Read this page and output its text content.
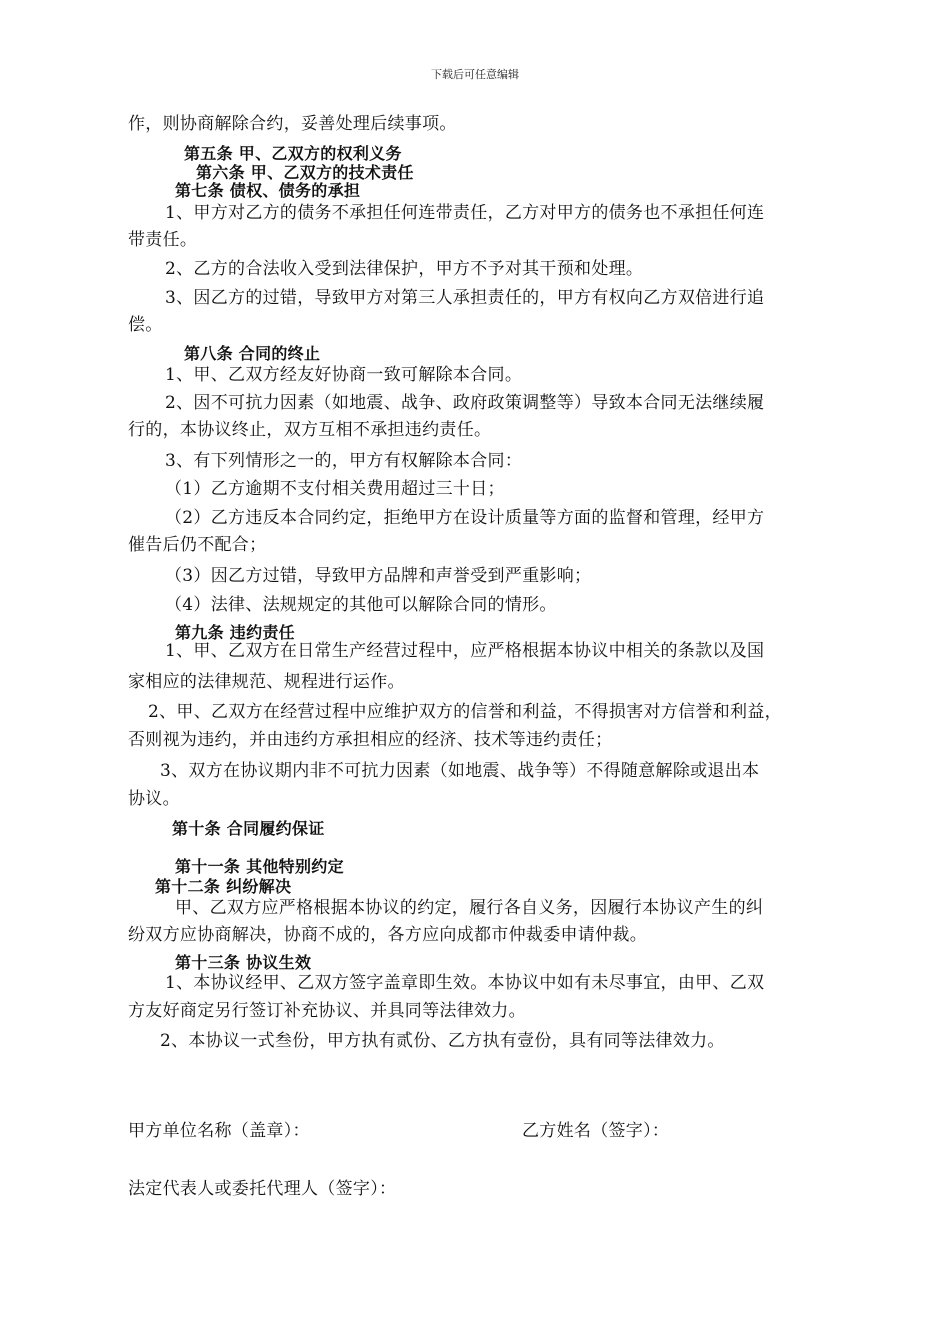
下载后可任意编辑
作，则协商解除合约，妥善处理后续事项。
第五条 甲、乙双方的权利义务
第六条 甲、乙双方的技术责任
第七条 债权、债务的承担
1、甲方对乙方的债务不承担任何连带责任，乙方对甲方的债务也不承担任何连
带责任。
2、乙方的合法收入受到法律保护，甲方不予对其干预和处理。
3、因乙方的过错，导致甲方对第三人承担责任的，甲方有权向乙方双倍进行追
偿。
第八条 合同的终止
1、甲、乙双方经友好协商一致可解除本合同。
2、因不可抗力因素（如地震、战争、政府政策调整等）导致本合同无法继续履
行的，本协议终止，双方互相不承担违约责任。
3、有下列情形之一的，甲方有权解除本合同：
（1）乙方逾期不支付相关费用超过三十日；
（2）乙方违反本合同约定，拒绝甲方在设计质量等方面的监督和管理，经甲方
催告后仍不配合；
（3）因乙方过错，导致甲方品牌和声誉受到严重影响；
（4）法律、法规规定的其他可以解除合同的情形。
第九条 违约责任
1、甲、乙双方在日常生产经营过程中，应严格根据本协议中相关的条款以及国
家相应的法律规范、规程进行运作。
2、甲、乙双方在经营过程中应维护双方的信誉和利益，不得损害对方信誉和利益，
否则视为违约，并由违约方承担相应的经济、技术等违约责任；
3、双方在协议期内非不可抗力因素（如地震、战争等）不得随意解除或退出本
协议。
第十条 合同履约保证
第十一条 其他特别约定
第十二条 纠纷解决
甲、乙双方应严格根据本协议的约定，履行各自义务，因履行本协议产生的纠
纷双方应协商解决，协商不成的，各方应向成都市仲裁委申请仲裁。
第十三条 协议生效
1、本协议经甲、乙双方签字盖章即生效。本协议中如有未尽事宜，由甲、乙双
方友好商定另行签订补充协议、并具同等法律效力。
2、本协议一式叁份，甲方执有贰份、乙方执有壹份，具有同等法律效力。
甲方单位名称（盖章）：	乙方姓名（签字）：
法定代表人或委托代理人（签字）：
